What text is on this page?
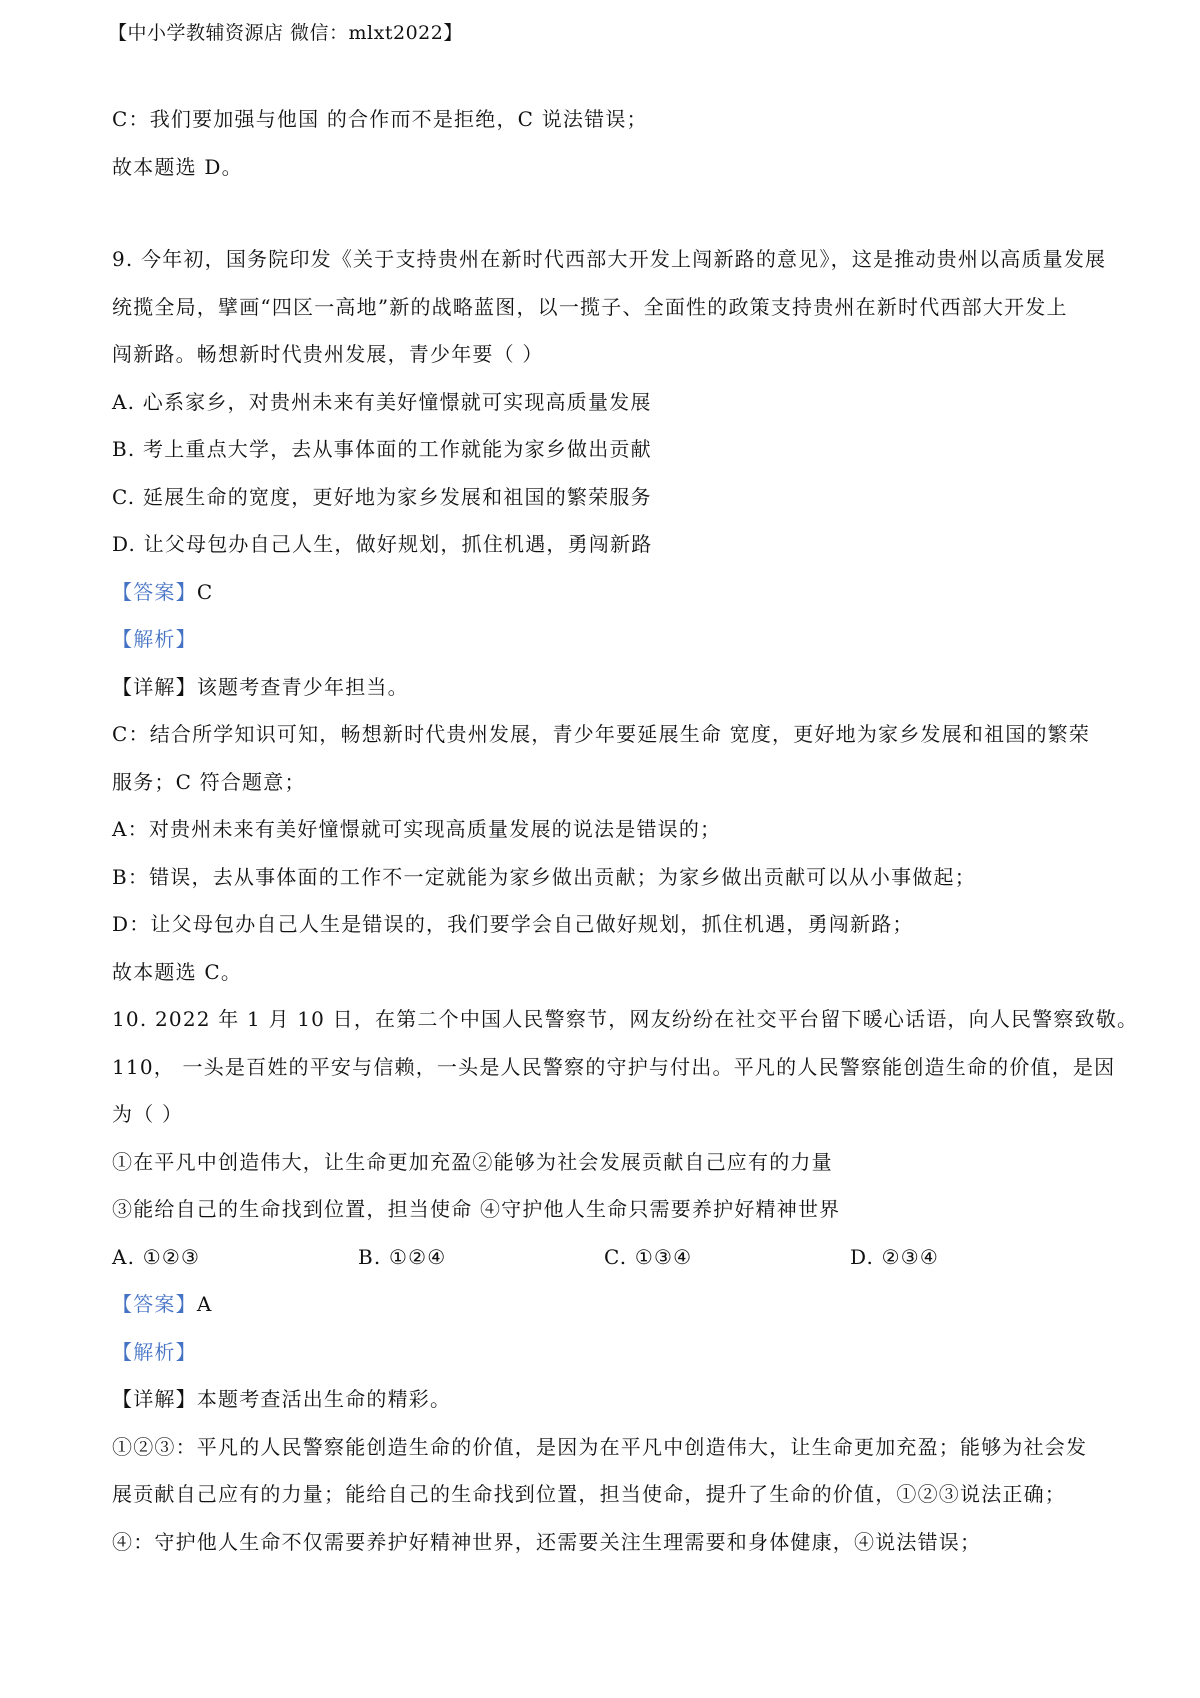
【中小学教辅资源店 微信：mlxt2022】
C：我们要加强与他国 的合作而不是拒绝，C 说法错误；
故本题选 D。
9. 今年初，国务院印发《关于支持贵州在新时代西部大开发上闯新路的意见》，这是推动贵州以高质量发展
统揽全局，擘画“四区一高地”新的战略蓝图，以一揽子、全面性的政策支持贵州在新时代西部大开发上
闯新路。畅想新时代贵州发展，青少年要（ ）
A. 心系家乡，对贵州未来有美好憧憬就可实现高质量发展
B. 考上重点大学，去从事体面的工作就能为家乡做出贡献
C. 延展生命的宽度，更好地为家乡发展和祖国的繁荣服务
D. 让父母包办自己人生，做好规划，抓住机遇，勇闯新路
【答案】C
【解析】
【详解】该题考查青少年担当。
C：结合所学知识可知，畅想新时代贵州发展，青少年要延展生命 宽度，更好地为家乡发展和祖国的繁荣
服务；C 符合题意；
A：对贵州未来有美好憧憬就可实现高质量发展的说法是错误的；
B：错误，去从事体面的工作不一定就能为家乡做出贡献；为家乡做出贡献可以从小事做起；
D：让父母包办自己人生是错误的，我们要学会自己做好规划，抓住机遇，勇闯新路；
故本题选 C。
10. 2022 年 1 月 10 日，在第二个中国人民警察节，网友纷纷在社交平台留下暖心话语，向人民警察致敬。
110， 一头是百姓的平安与信赖，一头是人民警察的守护与付出。平凡的人民警察能创造生命的价值，是因
为（ ）
①在平凡中创造伟大，让生命更加充盈②能够为社会发展贡献自己应有的力量
③能给自己的生命找到位置，担当使命 ④守护他人生命只需要养护好精神世界
A. ①②③	B. ①②④	C. ①③④	D. ②③④
【答案】A
【解析】
【详解】本题考查活出生命的精彩。
①②③：平凡的人民警察能创造生命的价值，是因为在平凡中创造伟大，让生命更加充盈；能够为社会发
展贡献自己应有的力量；能给自己的生命找到位置，担当使命，提升了生命的价值，①②③说法正确；
④：守护他人生命不仅需要养护好精神世界，还需要关注生理需要和身体健康，④说法错误；
